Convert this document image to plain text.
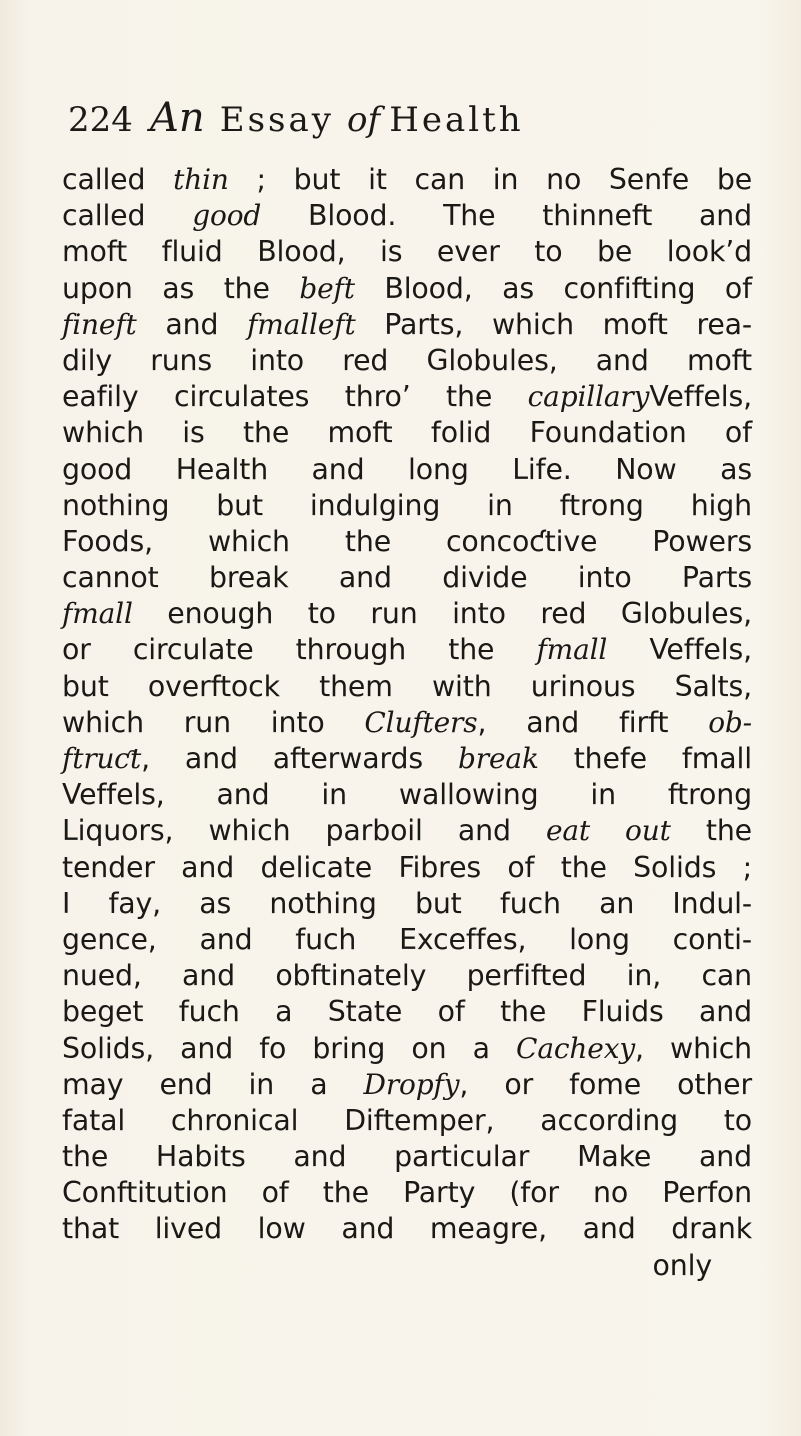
224 An Essay of Health
called thin ; but it can in no Senfe be
called good Blood. The thinneft and
moft fluid Blood, is ever to be look’d
upon as the beft Blood, as confifting of
fineft and fmalleft Parts, which moft rea-
dily runs into red Globules, and moft
eafily circulates thro’ the capillaryVeffels,
which is the moft folid Foundation of
good Health and long Life. Now as
nothing but indulging in ftrong high
Foods, which the concoƈtive Powers
cannot break and divide into Parts
fmall enough to run into red Globules,
or circulate through the fmall Veffels,
but overftock them with urinous Salts,
which run into Clufters, and firft ob-
ftruƈt, and afterwards break thefe fmall
Veffels, and in wallowing in ftrong
Liquors, which parboil and eat out the
tender and delicate Fibres of the Solids ;
I fay, as nothing but fuch an Indul-
gence, and fuch Exceffes, long conti-
nued, and obftinately perfifted in, can
beget fuch a State of the Fluids and
Solids, and fo bring on a Cachexy, which
may end in a Dropfy, or fome other
fatal chronical Diftemper, according to
the Habits and particular Make and
Conftitution of the Party (for no Perfon
that lived low and meagre, and drank
only
